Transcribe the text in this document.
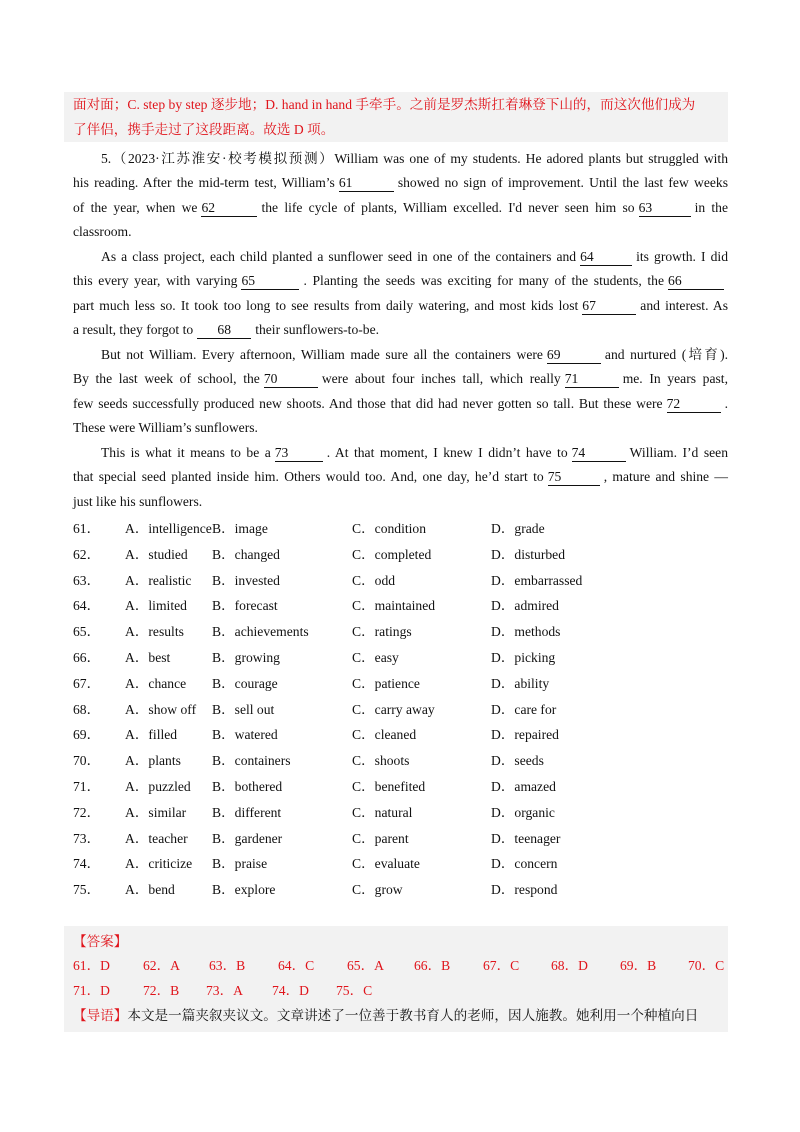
面对面；C. step by step 逐步地；D. hand in hand 手牵手。之前是罗杰斯扛着琳登下山的，而这次他们成为
了伴侣，携手走过了这段距离。故选 D 项。
5.（2023·江苏淮安·校考模拟预测）William was one of my students. He adored plants but struggled with
his reading. After the mid-term test, William’s 61	showed no sign of improvement. Until the last few weeks
of the year, when we 62	the life cycle of plants, William excelled. I'd never seen him so 63	in the
classroom.
As a class project, each child planted a sunflower seed in one of the containers and 64	its growth. I did
this every year, with varying 65	. Planting the seeds was exciting for many of the students, the 66
part much less so. It took too long to see results from daily watering, and most kids lost 67	and interest. As
a result, they forgot to 68 their sunflowers-to-be.
But not William. Every afternoon, William made sure all the containers were 69	and nurtured (培育).
By the last week of school, the 70	were about four inches tall, which really 71	me. In years past,
few seeds successfully produced new shoots. And those that did had never gotten so tall. But these were 72	.
These were William’s sunflowers.
This is what it means to be a 73	. At that moment, I knew I didn’t have to 74	William. I’d seen
that special seed planted inside him. Others would too. And, one day, he’d start to 75	, mature and shine —
just like his sunflowers.
61． A．intelligence B．image	C．condition	D．grade
62． A．studied B．changed	C．completed	D．disturbed
63． A．realistic B．invested	C．odd	D．embarrassed
64． A．limited B．forecast	C．maintained	D．admired
65． A．results B．achievements	C．ratings	D．methods
66． A．best	B．growing	C．easy	D．picking
67． A．chance B．courage	C．patience	D．ability
68． A．show off B．sell out	C．carry away	D．care for
69． A．filled	B．watered	C．cleaned	D．repaired
70． A．plants B．containers	C．shoots	D．seeds
71． A．puzzled B．bothered	C．benefited	D．amazed
72． A．similar B．different	C．natural	D．organic
73． A．teacher B．gardener	C．parent	D．teenager
74． A．criticize B．praise	C．evaluate	D．concern
75． A．bend	B．explore	C．grow	D．respond
【答案】
61．D 62．A 63．B 64．C 65．A 66．B 67．C 68．D 69．B 70．C
71．D 72．B 73．A 74．D 75．C
【导语】本文是一篇夹叙夹议文。文章讲述了一位善于教书育人的老师，因人施教。她利用一个种植向日
